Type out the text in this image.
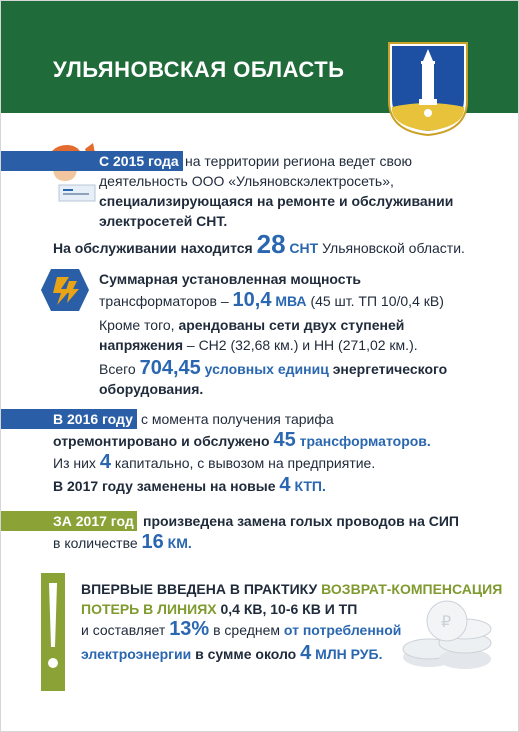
УЛЬЯНОВСКАЯ ОБЛАСТЬ
С 2015 года на территории региона ведет свою
деятельность ООО «Ульяновскэлектросеть»,
специализирующаяся на ремонте и обслуживании
электросетей СНТ.
На обслуживании находится 28 СНТ Ульяновской области.
Суммарная установленная мощность
трансформаторов – 10,4 МВА (45 шт. ТП 10/0,4 кВ)
Кроме того, арендованы сети двух ступеней
напряжения – СН2 (32,68 км.) и НН (271,02 км.).
Всего 704,45 условных единиц энергетического
оборудования.
В 2016 году с момента получения тарифа
отремонтировано и обслужено 45 трансформаторов.
Из них 4 капитально, с вывозом на предприятие.
В 2017 году заменены на новые 4 КТП.
ЗА 2017 год произведена замена голых проводов на СИП
в количестве 16 КМ.
₽
ВПЕРВЫЕ ВВЕДЕНА В ПРАКТИКУ ВОЗВРАТ-КОМПЕНСАЦИЯ
ПОТЕРЬ В ЛИНИЯХ 0,4 КВ, 10-6 КВ И ТП
и составляет 13% в среднем от потребленной
электроэнергии в сумме около 4 МЛН РУБ.
